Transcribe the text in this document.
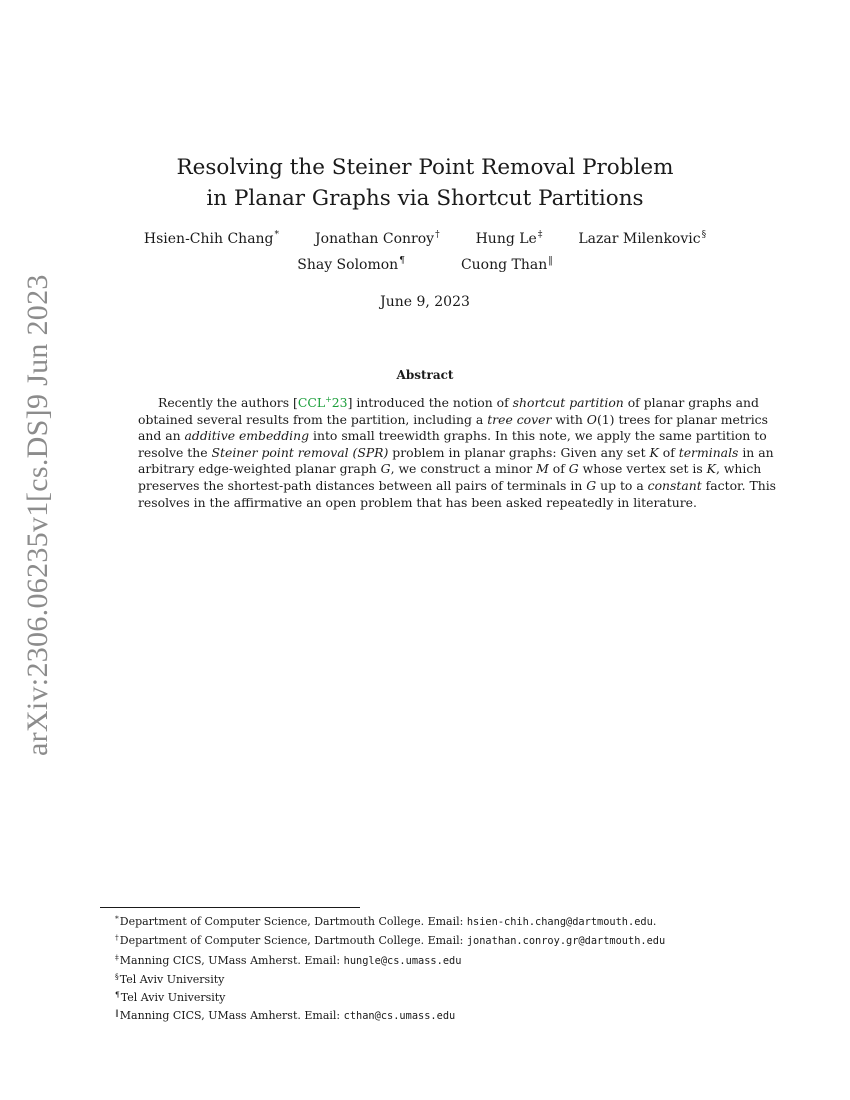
arXiv:2306.06235v1
[cs.DS]
9 Jun 2023
Resolving the Steiner Point Removal Problem
in Planar Graphs via Shortcut Partitions
Hsien-Chih Chang*	Jonathan Conroy†	Hung Le‡	Lazar Milenkovic§
Shay Solomon¶	Cuong Than‖
June 9, 2023
Abstract
Recently the authors [CCL+23] introduced the notion of shortcut partition of planar graphs and
obtained several results from the partition, including a tree cover with O(1) trees for planar metrics
and an additive embedding into small treewidth graphs. In this note, we apply the same partition to
resolve the Steiner point removal (SPR) problem in planar graphs: Given any set K of terminals in an
arbitrary edge-weighted planar graph G, we construct a minor M of G whose vertex set is K, which
preserves the shortest-path distances between all pairs of terminals in G up to a constant factor. This
resolves in the affirmative an open problem that has been asked repeatedly in literature.
*Department of Computer Science, Dartmouth College. Email: hsien-chih.chang@dartmouth.edu.
†Department of Computer Science, Dartmouth College. Email: jonathan.conroy.gr@dartmouth.edu
‡Manning CICS, UMass Amherst. Email: hungle@cs.umass.edu
§Tel Aviv University
¶Tel Aviv University
‖Manning CICS, UMass Amherst. Email: cthan@cs.umass.edu
